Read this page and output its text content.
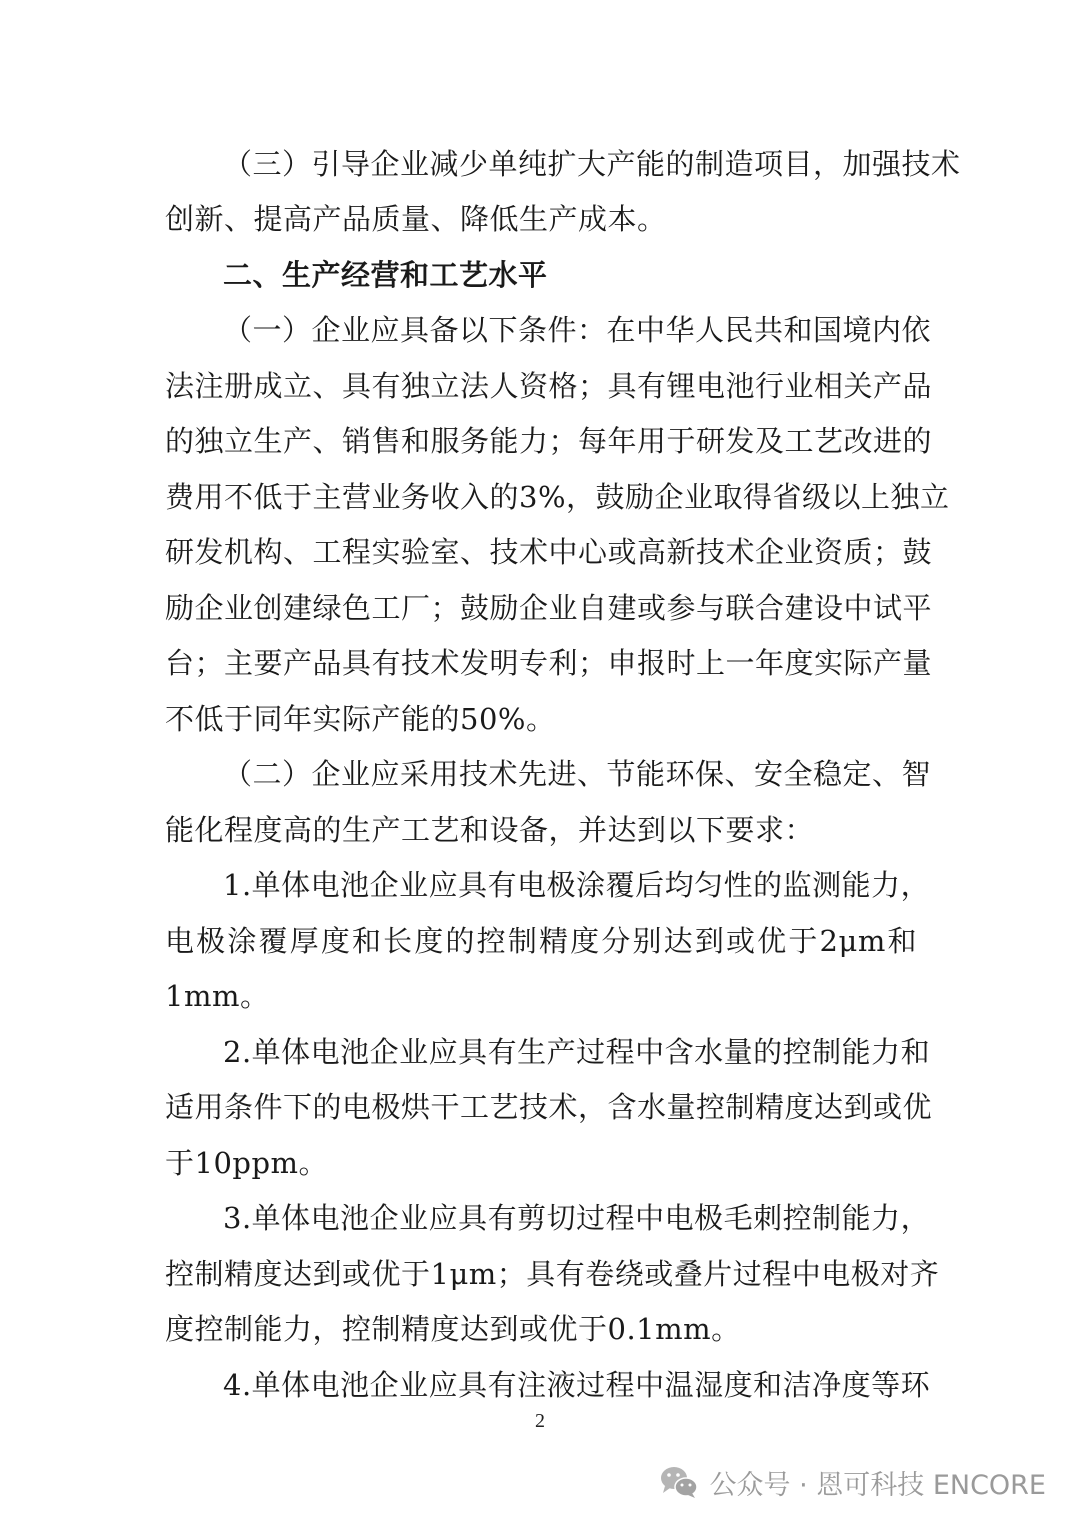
（三）引导企业减少单纯扩大产能的制造项目，加强技术
创新、提高产品质量、降低生产成本。
二、生产经营和工艺水平
（一）企业应具备以下条件：在中华人民共和国境内依
法注册成立、具有独立法人资格；具有锂电池行业相关产品
的独立生产、销售和服务能力；每年用于研发及工艺改进的
费用不低于主营业务收入的3%，鼓励企业取得省级以上独立
研发机构、工程实验室、技术中心或高新技术企业资质；鼓
励企业创建绿色工厂；鼓励企业自建或参与联合建设中试平
台；主要产品具有技术发明专利；申报时上一年度实际产量
不低于同年实际产能的50%。
（二）企业应采用技术先进、节能环保、安全稳定、智
能化程度高的生产工艺和设备，并达到以下要求：
1.单体电池企业应具有电极涂覆后均匀性的监测能力，
电极涂覆厚度和长度的控制精度分别达到或优于2μm和
1mm。
2.单体电池企业应具有生产过程中含水量的控制能力和
适用条件下的电极烘干工艺技术，含水量控制精度达到或优
于10ppm。
3.单体电池企业应具有剪切过程中电极毛刺控制能力，
控制精度达到或优于1μm；具有卷绕或叠片过程中电极对齐
度控制能力，控制精度达到或优于0.1mm。
4.单体电池企业应具有注液过程中温湿度和洁净度等环
2
公众号 · 恩可科技 ENCORE
